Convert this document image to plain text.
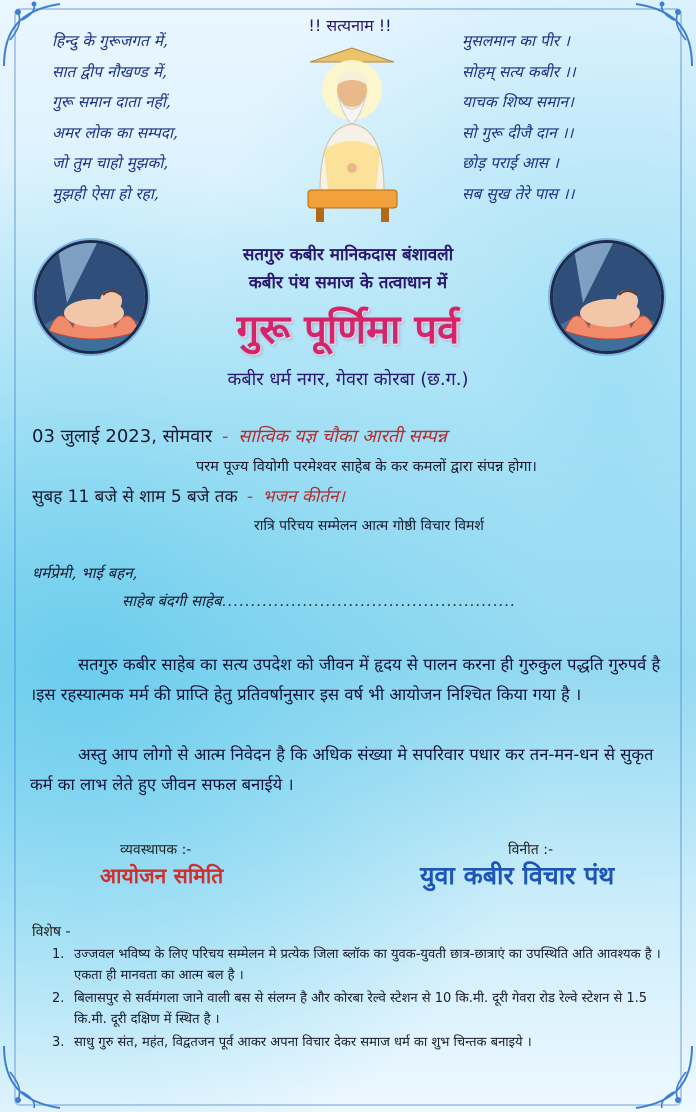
हिन्दु के गुरूजगत में,
सात द्वीप नौखण्ड में,
गुरू समान दाता नहीं,
अमर लोक का सम्पदा,
जो तुम चाहो मुझको,
मुझही ऐसा हो रहा,
!! सत्यनाम !!
मुसलमान का पीर ।
सोहम् सत्य कबीर ।।
याचक शिष्य समान।
सो गुरू दीजै दान ।।
छोड़ पराई आस ।
सब सुख तेरे पास ।।
सतगुरु कबीर मानिकदास बंशावली
कबीर पंथ समाज के तत्वाधान में
गुरू पूर्णिमा पर्व
कबीर धर्म नगर, गेवरा कोरबा (छ.ग.)
03 जुलाई 2023, सोमवार - सात्विक यज्ञ चौका आरती सम्पन्न
परम पूज्य वियोगी परमेश्वर साहेब के कर कमलों द्वारा संपन्न होगा।
सुबह 11 बजे से शाम 5 बजे तक - भजन कीर्तन।
रात्रि परिचय सम्मेलन आत्म गोष्ठी विचार विमर्श
धर्मप्रेमी, भाई बहन,
साहेब बंदगी साहेब...................................................

सतगुरु कबीर साहेब का सत्य उपदेश को जीवन में हृदय से पालन करना ही गुरुकुल पद्धति गुरुपर्व है ।इस रहस्यात्मक मर्म की प्राप्ति हेतु प्रतिवर्षानुसार इस वर्ष भी आयोजन निश्चित किया गया है ।

अस्तु आप लोगो से आत्म निवेदन है कि अधिक संख्या मे सपरिवार पधार कर तन-मन-धन से सुकृत कर्म का लाभ लेते हुए जीवन सफल बनाईये ।

व्यवस्थापक :-
आयोजन समिति
विनीत :-
युवा कबीर विचार पंथ
विशेष -
1. उज्जवल भविष्य के लिए परिचय सम्मेलन मे प्रत्येक जिला ब्लॉक का युवक-युवती छात्र-छात्राएं का उपस्थिति अति आवश्यक है ।एकता ही मानवता का आत्म बल है ।
2. बिलासपुर से सर्वमंगला जाने वाली बस से संलग्न है और कोरबा रेल्वे स्टेशन से 10 कि.मी. दूरी गेवरा रोड रेल्वे स्टेशन से 1.5 कि.मी. दूरी दक्षिण में स्थित है ।
3. साधु गुरु संत, महंत, विद्वतजन पूर्व आकर अपना विचार देकर समाज धर्म का शुभ चिन्तक बनाइये ।
